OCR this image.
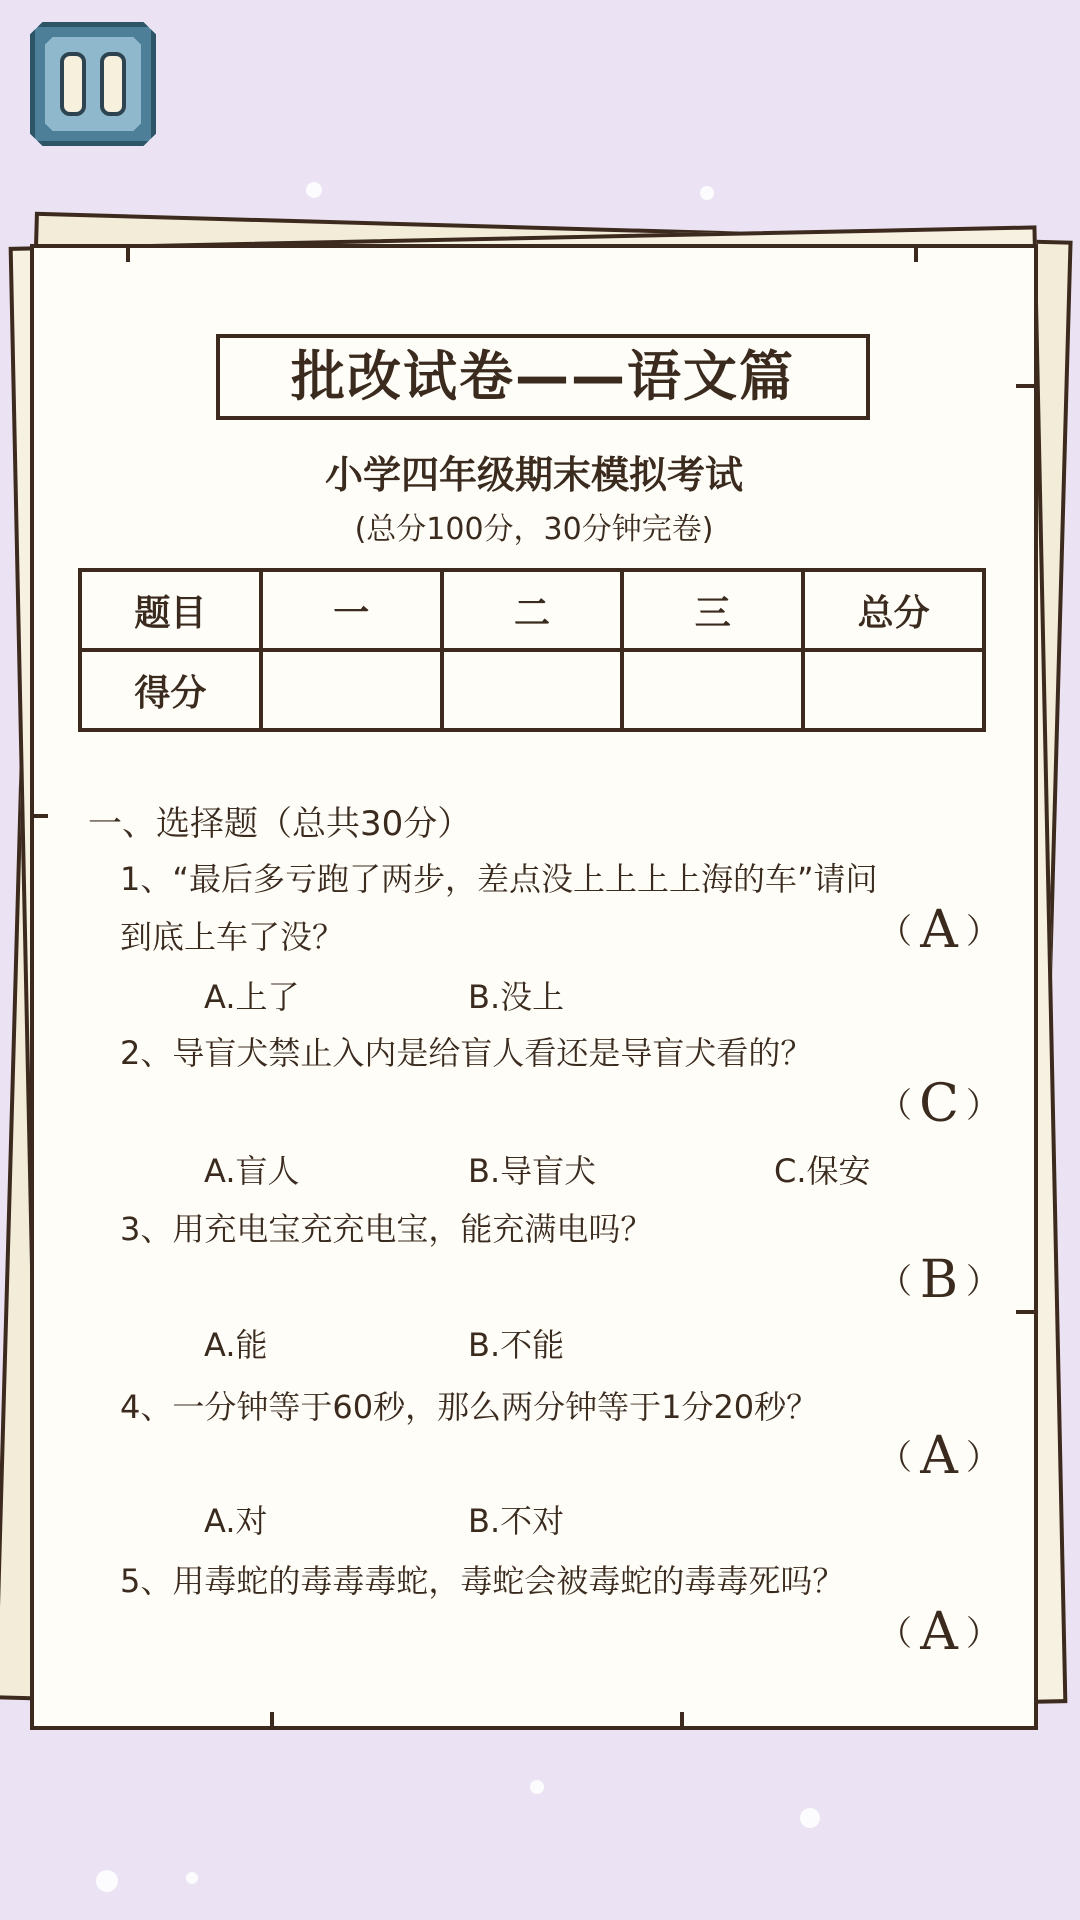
批改试卷——语文篇
小学四年级期末模拟考试
(总分100分，30分钟完卷)
题目	一	二	三	总分
得分				
一、选择题（总共30分）
1、“最后多亏跑了两步，差点没上上上上海的车”请问
到底上车了没？	（ A ）
A.上了	B.没上
2、导盲犬禁止入内是给盲人看还是导盲犬看的？
（ C ）
A.盲人	B.导盲犬	C.保安
3、用充电宝充充电宝，能充满电吗？
（ B ）
A.能	B.不能
4、一分钟等于60秒，那么两分钟等于1分20秒？
（ A ）
A.对	B.不对
5、用毒蛇的毒毒毒蛇，毒蛇会被毒蛇的毒毒死吗？
（ A ）
